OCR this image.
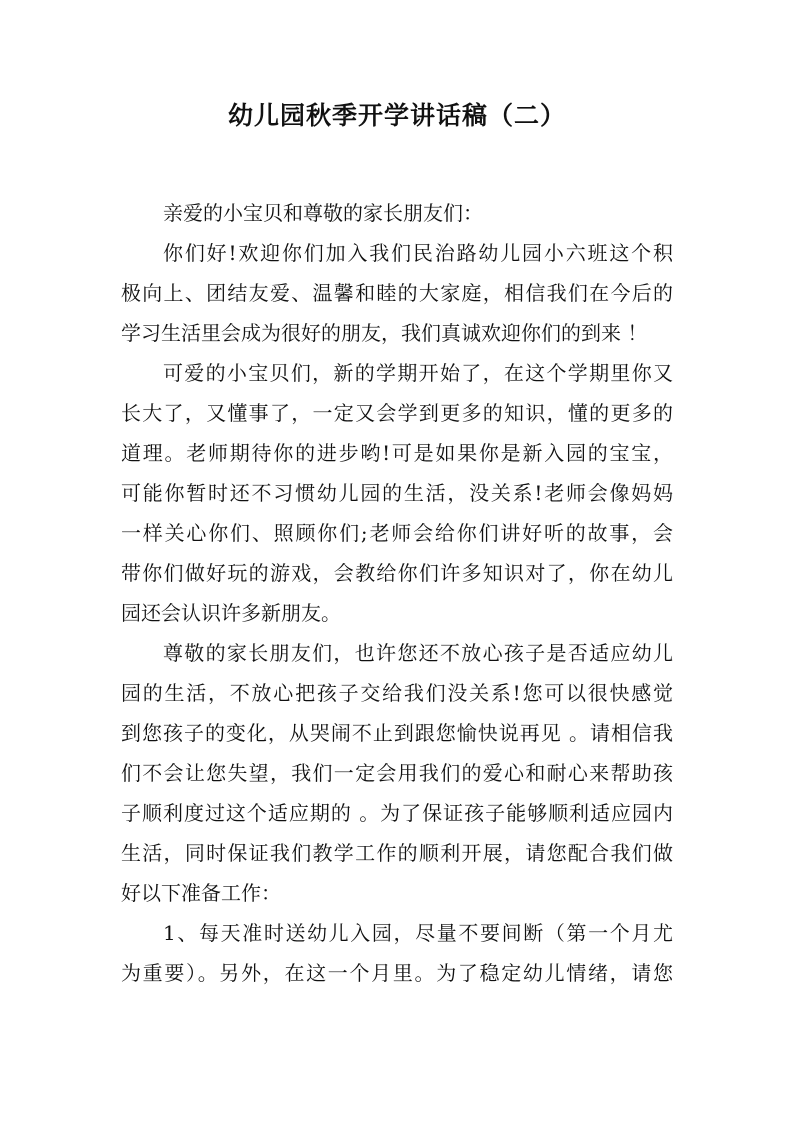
幼儿园秋季开学讲话稿（二）
亲爱的小宝贝和尊敬的家长朋友们：
你们好!欢迎你们加入我们民治路幼儿园小六班这个积
极向上、团结友爱、温馨和睦的大家庭，相信我们在今后的
学习生活里会成为很好的朋友，我们真诚欢迎你们的到来 ！
可爱的小宝贝们，新的学期开始了，在这个学期里你又
长大了，又懂事了，一定又会学到更多的知识，懂的更多的
道理。老师期待你的进步哟!可是如果你是新入园的宝宝，
可能你暂时还不习惯幼儿园的生活，没关系!老师会像妈妈
一样关心你们、照顾你们;老师会给你们讲好听的故事，会
带你们做好玩的游戏，会教给你们许多知识对了，你在幼儿
园还会认识许多新朋友。
尊敬的家长朋友们，也许您还不放心孩子是否适应幼儿
园的生活，不放心把孩子交给我们没关系!您可以很快感觉
到您孩子的变化，从哭闹不止到跟您愉快说再见 。请相信我
们不会让您失望，我们一定会用我们的爱心和耐心来帮助孩
子顺利度过这个适应期的 。为了保证孩子能够顺利适应园内
生活，同时保证我们教学工作的顺利开展，请您配合我们做
好以下准备工作：
1、每天准时送幼儿入园，尽量不要间断（第一个月尤
为重要）。另外，在这一个月里。为了稳定幼儿情绪，请您
